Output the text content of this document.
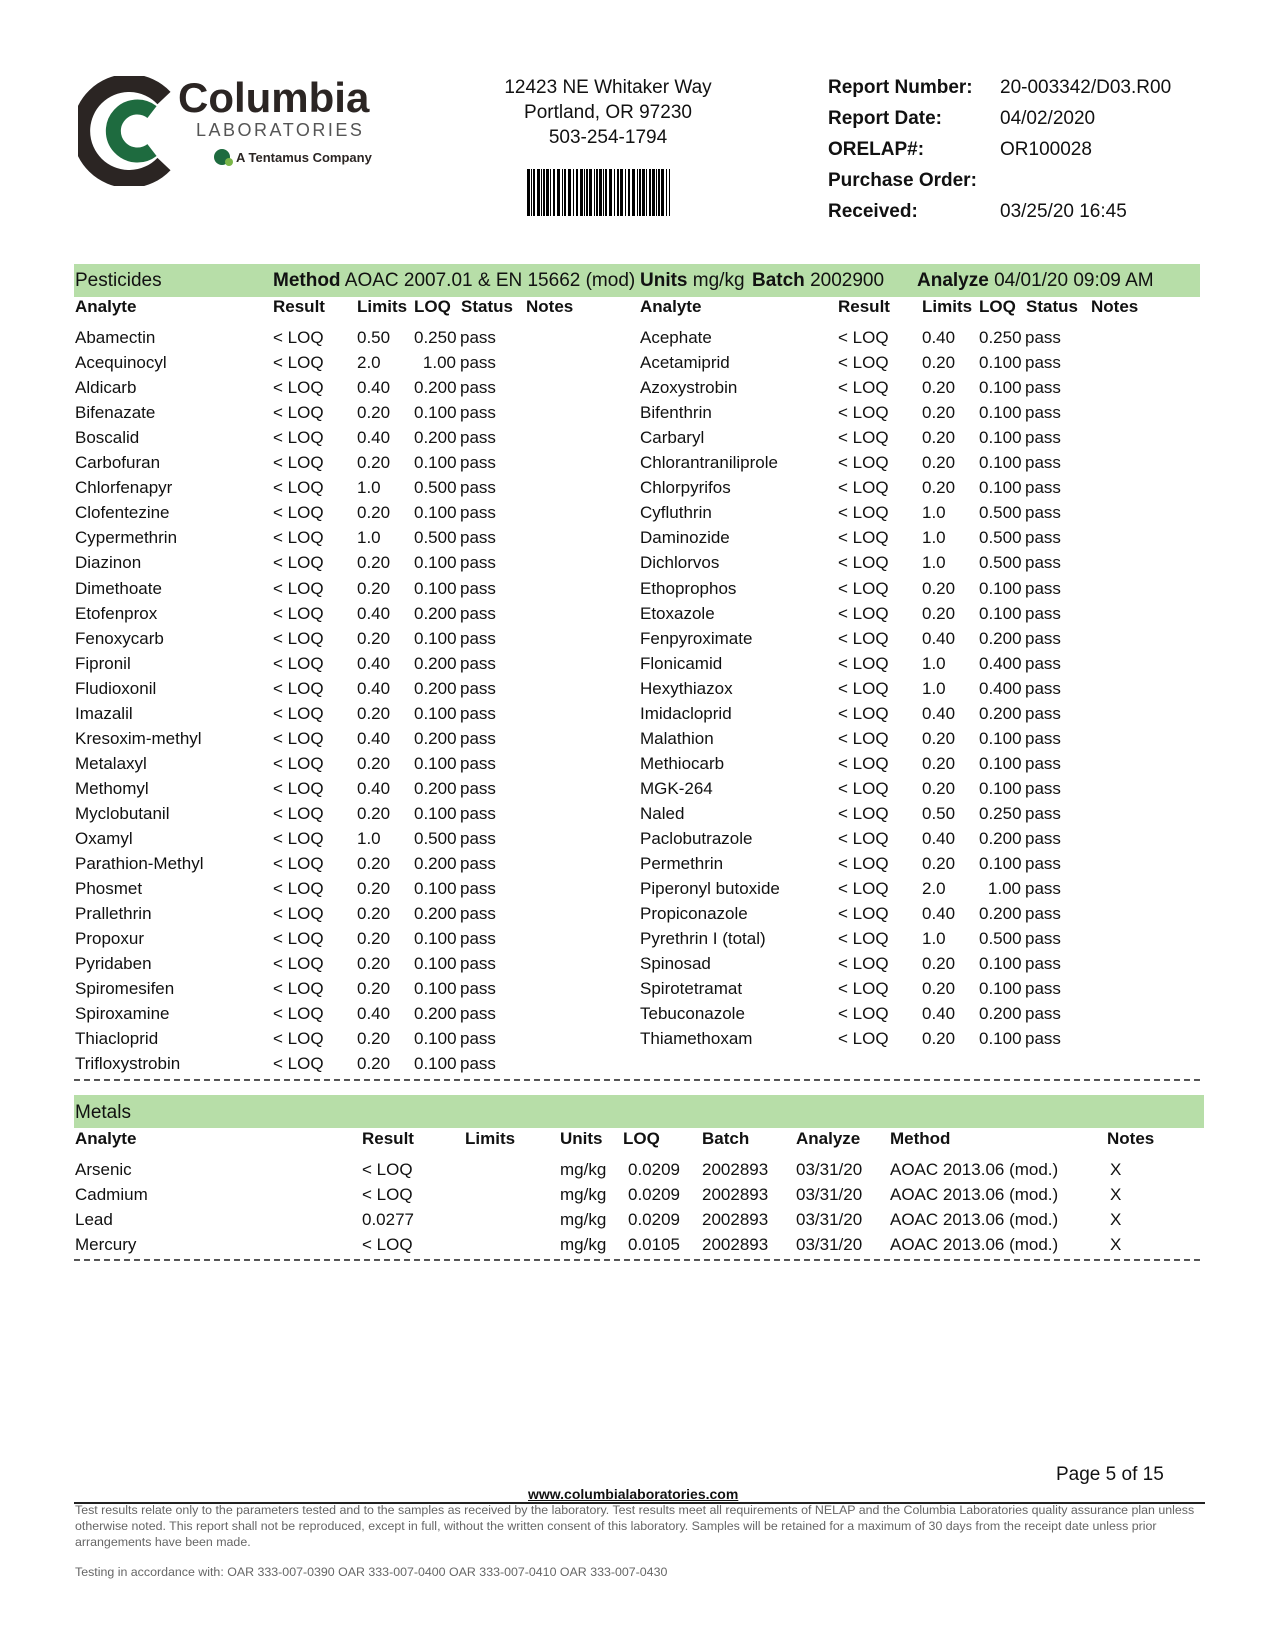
Columbia
LABORATORIES
A Tentamus Company
12423 NE Whitaker Way
Portland, OR 97230
503-254-1794
Report Number: 20-003342/D03.R00
Report Date:	04/02/2020
ORELAP#:	OR100028
Purchase Order:
Received:	03/25/20 16:45
Pesticides	Method AOAC 2007.01 & EN 15662 (mod) Units mg/kg Batch 2002900 Analyze 04/01/20 09:09 AM
Analyte	Result Limits LOQ Status Notes	Analyte	Result Limits LOQ Status Notes
Abamectin	< LOQ 0.50 0.250 pass
Acequinocyl	< LOQ 2.0	1.00 pass
Aldicarb	< LOQ 0.40 0.200 pass
Bifenazate	< LOQ 0.20 0.100 pass
Boscalid	< LOQ 0.40 0.200 pass
Carbofuran	< LOQ 0.20 0.100 pass
Chlorfenapyr	< LOQ 1.0 0.500 pass
Clofentezine	< LOQ 0.20 0.100 pass
Cypermethrin	< LOQ 1.0 0.500 pass
Diazinon	< LOQ 0.20 0.100 pass
Dimethoate	< LOQ 0.20 0.100 pass
Etofenprox	< LOQ 0.40 0.200 pass
Fenoxycarb	< LOQ 0.20 0.100 pass
Fipronil	< LOQ 0.40 0.200 pass
Fludioxonil	< LOQ 0.40 0.200 pass
Imazalil	< LOQ 0.20 0.100 pass
Kresoxim-methyl	< LOQ 0.40 0.200 pass
Metalaxyl	< LOQ 0.20 0.100 pass
Methomyl	< LOQ 0.40 0.200 pass
Myclobutanil	< LOQ 0.20 0.100 pass
Oxamyl	< LOQ 1.0 0.500 pass
Parathion-Methyl	< LOQ 0.20 0.200 pass
Phosmet	< LOQ 0.20 0.100 pass
Prallethrin	< LOQ 0.20 0.200 pass
Propoxur	< LOQ 0.20 0.100 pass
Pyridaben	< LOQ 0.20 0.100 pass
Spiromesifen	< LOQ 0.20 0.100 pass
Spiroxamine	< LOQ 0.40 0.200 pass
Thiacloprid	< LOQ 0.20 0.100 pass
Trifloxystrobin	< LOQ 0.20 0.100 pass
Acephate	< LOQ 0.40 0.250 pass
Acetamiprid	< LOQ 0.20 0.100 pass
Azoxystrobin	< LOQ 0.20 0.100 pass
Bifenthrin	< LOQ 0.20 0.100 pass
Carbaryl	< LOQ 0.20 0.100 pass
Chlorantraniliprole	< LOQ 0.20 0.100 pass
Chlorpyrifos	< LOQ 0.20 0.100 pass
Cyfluthrin	< LOQ 1.0 0.500 pass
Daminozide	< LOQ 1.0 0.500 pass
Dichlorvos	< LOQ 1.0 0.500 pass
Ethoprophos	< LOQ 0.20 0.100 pass
Etoxazole	< LOQ 0.20 0.100 pass
Fenpyroximate	< LOQ 0.40 0.200 pass
Flonicamid	< LOQ 1.0 0.400 pass
Hexythiazox	< LOQ 1.0 0.400 pass
Imidacloprid	< LOQ 0.40 0.200 pass
Malathion	< LOQ 0.20 0.100 pass
Methiocarb	< LOQ 0.20 0.100 pass
MGK-264	< LOQ 0.20 0.100 pass
Naled	< LOQ 0.50 0.250 pass
Paclobutrazole	< LOQ 0.40 0.200 pass
Permethrin	< LOQ 0.20 0.100 pass
Piperonyl butoxide	< LOQ 2.0	1.00 pass
Propiconazole	< LOQ 0.40 0.200 pass
Pyrethrin I (total)	< LOQ 1.0 0.500 pass
Spinosad	< LOQ 0.20 0.100 pass
Spirotetramat	< LOQ 0.20 0.100 pass
Tebuconazole	< LOQ 0.40 0.200 pass
Thiamethoxam	< LOQ 0.20 0.100 pass
Metals
Analyte	Result	Limits	Units LOQ Batch	Analyze Method	Notes
Arsenic	< LOQ	mg/kg 0.0209 2002893 03/31/20 AOAC 2013.06 (mod.)	X
Cadmium	< LOQ	mg/kg 0.0209 2002893 03/31/20 AOAC 2013.06 (mod.)	X
Lead	0.0277	mg/kg 0.0209 2002893 03/31/20 AOAC 2013.06 (mod.)	X
Mercury	< LOQ	mg/kg 0.0105 2002893 03/31/20 AOAC 2013.06 (mod.)	X
Page 5 of 15
www.columbialaboratories.com
Test results relate only to the parameters tested and to the samples as received by the laboratory. Test results meet all requirements of NELAP and the Columbia Laboratories quality assurance plan unless otherwise noted. This report shall not be reproduced, except in full, without the written consent of this laboratory. Samples will be retained for a maximum of 30 days from the receipt date unless prior arrangements have been made.
Testing in accordance with: OAR 333-007-0390 OAR 333-007-0400 OAR 333-007-0410 OAR 333-007-0430
